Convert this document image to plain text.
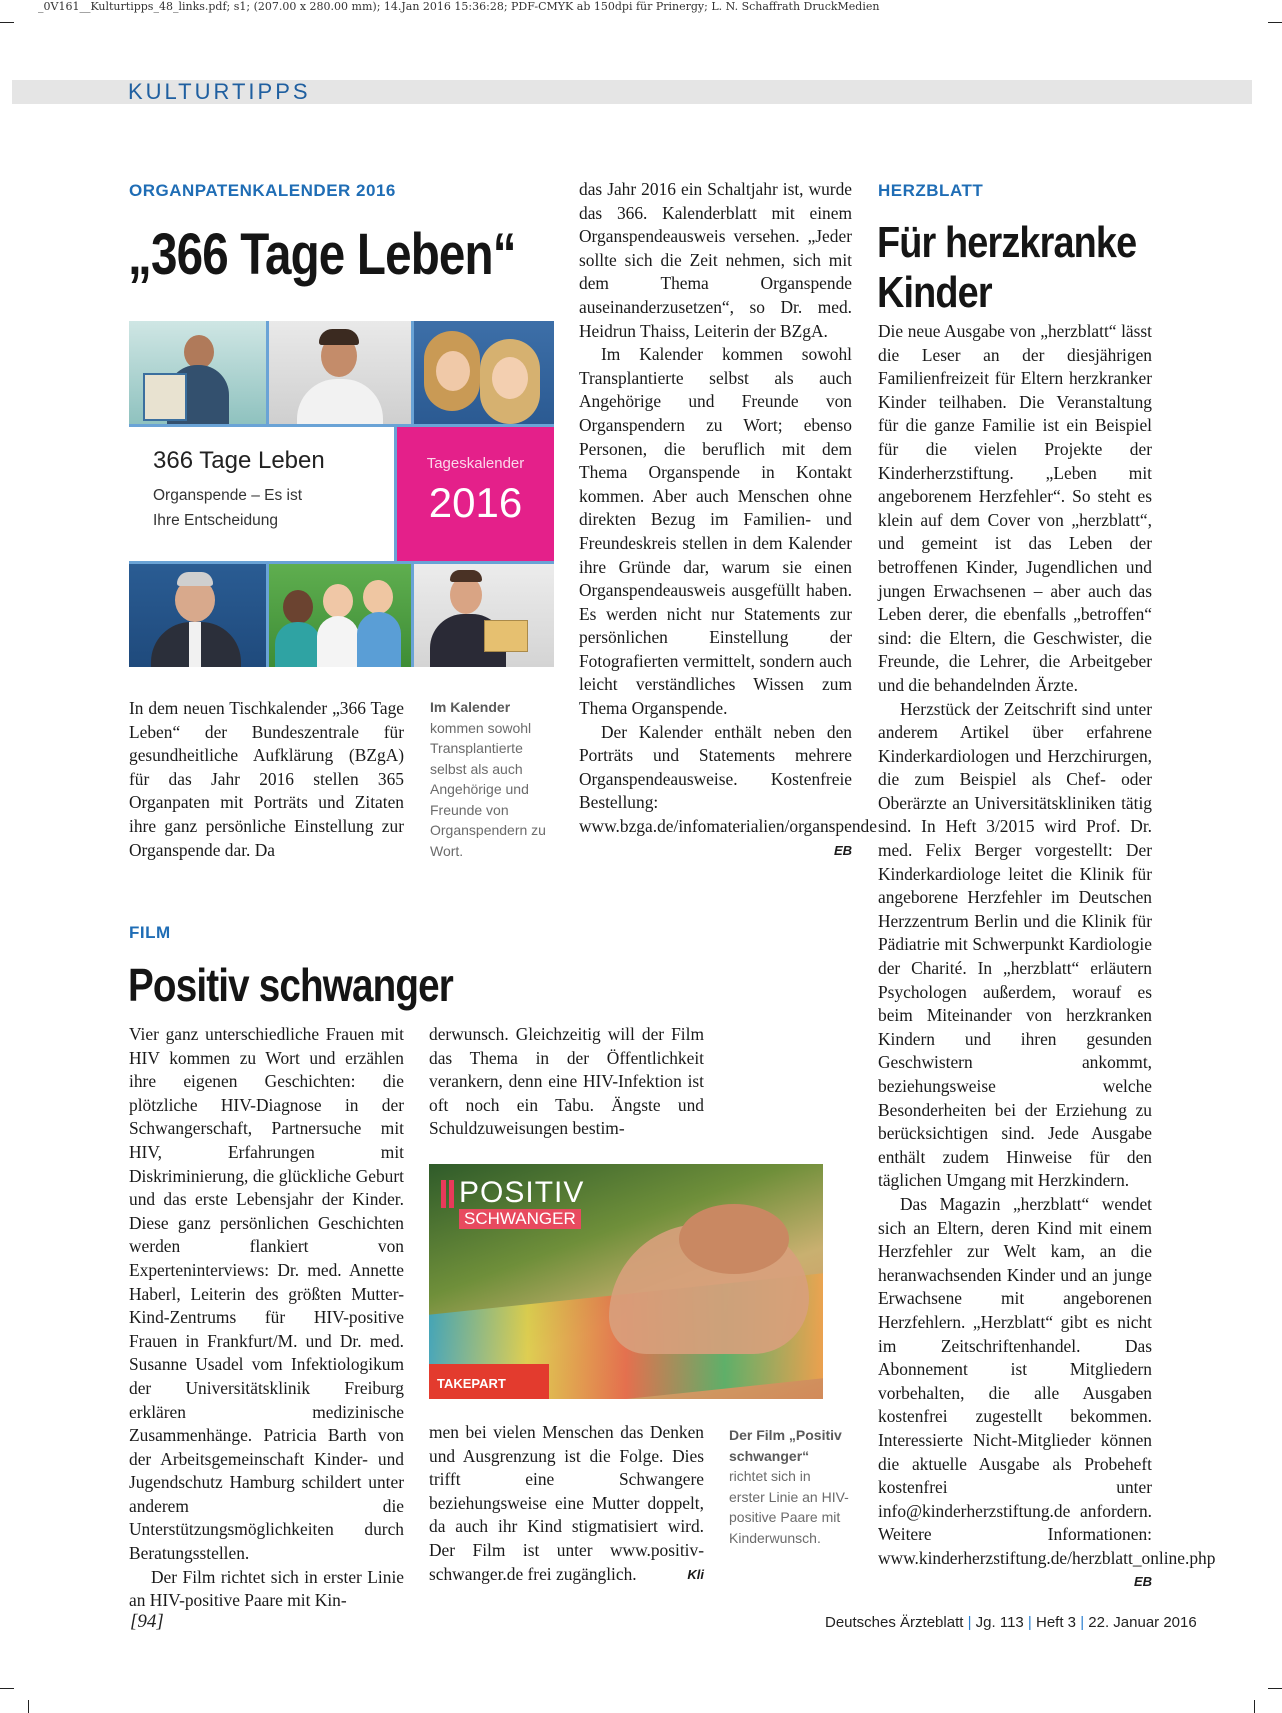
_0V161__Kulturtipps_48_links.pdf; s1; (207.00 x 280.00 mm); 14.Jan 2016 15:36:28; PDF-CMYK ab 150dpi für Prinergy; L. N. Schaffrath DruckMedien
KULTURTIPPS
ORGANPATENKALENDER 2016
„366 Tage Leben“
366 Tage Leben
Organspende – Es ist
Ihre Entscheidung
Tageskalender
2016

In dem neuen Tischkalender „366 Tage Leben“ der Bundeszentrale für gesundheitliche Aufklärung (BZgA) für das Jahr 2016 stellen 365 Organpaten mit Porträts und Zitaten ihre ganz persönliche Einstellung zur Organspende dar. Da

Im Kalender kommen sowohl Transplantierte selbst als auch Angehörige und Freunde von Organspendern zu Wort.

das Jahr 2016 ein Schaltjahr ist, wurde das 366. Kalenderblatt mit einem Organspendeausweis versehen. „Jeder sollte sich die Zeit nehmen, sich mit dem Thema Organspende auseinanderzusetzen“, so Dr. med. Heidrun Thaiss, Leiterin der BZgA.

Im Kalender kommen sowohl Transplantierte selbst als auch Angehörige und Freunde von Organspendern zu Wort; ebenso Personen, die beruflich mit dem Thema Organspende in Kontakt kommen. Aber auch Menschen ohne direkten Bezug im Familien- und Freundeskreis stellen in dem Kalender ihre Gründe dar, warum sie einen Organspendeausweis ausgefüllt haben. Es werden nicht nur Statements zur persönlichen Einstellung der Fotografierten vermittelt, sondern auch leicht verständliches Wissen zum Thema Organspende.

Der Kalender enthält neben den Porträts und Statements mehrere Organspendeausweise. Kostenfreie Bestellung: www.bzga.de/infomaterialien/organspende
EB

FILM
Positiv schwanger

Vier ganz unterschiedliche Frauen mit HIV kommen zu Wort und erzählen ihre eigenen Geschichten: die plötzliche HIV-Diagnose in der Schwangerschaft, Partnersuche mit HIV, Erfahrungen mit Diskriminierung, die glückliche Geburt und das erste Lebensjahr der Kinder. Diese ganz persönlichen Geschichten werden flankiert von Experteninterviews: Dr. med. Annette Haberl, Leiterin des größten Mutter-Kind-Zentrums für HIV-positive Frauen in Frankfurt/M. und Dr. med. Susanne Usadel vom Infektiologikum der Universitätsklinik Freiburg erklären medizinische Zusammenhänge. Patricia Barth von der Arbeitsgemeinschaft Kinder- und Jugendschutz Hamburg schildert unter anderem die Unterstützungsmöglichkeiten durch Beratungsstellen.

Der Film richtet sich in erster Linie an HIV-positive Paare mit Kin-

derwunsch. Gleichzeitig will der Film das Thema in der Öffentlichkeit verankern, denn eine HIV-Infektion ist oft noch ein Tabu. Ängste und Schuldzuweisungen bestim-

POSITIV
SCHWANGER
TAKEPART

men bei vielen Menschen das Denken und Ausgrenzung ist die Folge. Dies trifft eine Schwangere beziehungsweise eine Mutter doppelt, da auch ihr Kind stigmatisiert wird. Der Film ist unter www.positiv-schwanger.de frei zugänglich.	Kli

Der Film „Positiv schwanger“ richtet sich in erster Linie an HIV-positive Paare mit Kinderwunsch.
HERZBLATT
Für herzkranke
Kinder

Die neue Ausgabe von „herzblatt“ lässt die Leser an der diesjährigen Familienfreizeit für Eltern herzkranker Kinder teilhaben. Die Veranstaltung für die ganze Familie ist ein Beispiel für die vielen Projekte der Kinderherzstiftung. „Leben mit angeborenem Herzfehler“. So steht es klein auf dem Cover von „herzblatt“, und gemeint ist das Leben der betroffenen Kinder, Jugendlichen und jungen Erwachsenen – aber auch das Leben derer, die ebenfalls „betroffen“ sind: die Eltern, die Geschwister, die Freunde, die Lehrer, die Arbeitgeber und die behandelnden Ärzte.

Herzstück der Zeitschrift sind unter anderem Artikel über erfahrene Kinderkardiologen und Herzchirurgen, die zum Beispiel als Chef- oder Oberärzte an Universitätskliniken tätig sind. In Heft 3/2015 wird Prof. Dr. med. Felix Berger vorgestellt: Der Kinderkardiologe leitet die Klinik für angeborene Herzfehler im Deutschen Herzzentrum Berlin und die Klinik für Pädiatrie mit Schwerpunkt Kardiologie der Charité. In „herzblatt“ erläutern Psychologen außerdem, worauf es beim Miteinander von herzkranken Kindern und ihren gesunden Geschwistern ankommt, beziehungsweise welche Besonderheiten bei der Erziehung zu berücksichtigen sind. Jede Ausgabe enthält zudem Hinweise für den täglichen Umgang mit Herzkindern.

Das Magazin „herzblatt“ wendet sich an Eltern, deren Kind mit einem Herzfehler zur Welt kam, an die heranwachsenden Kinder und an junge Erwachsene mit angeborenen Herzfehlern. „Herzblatt“ gibt es nicht im Zeitschriftenhandel. Das Abonnement ist Mitgliedern vorbehalten, die alle Ausgaben kostenfrei zugestellt bekommen. Interessierte Nicht-Mitglieder können die aktuelle Ausgabe als Probeheft kostenfrei unter info@kinderherzstiftung.de anfordern. Weitere Informationen: www.kinderherzstiftung.de/herzblatt_online.php
EB

[94]	Deutsches Ärzteblatt | Jg. 113 | Heft 3 | 22. Januar 2016
